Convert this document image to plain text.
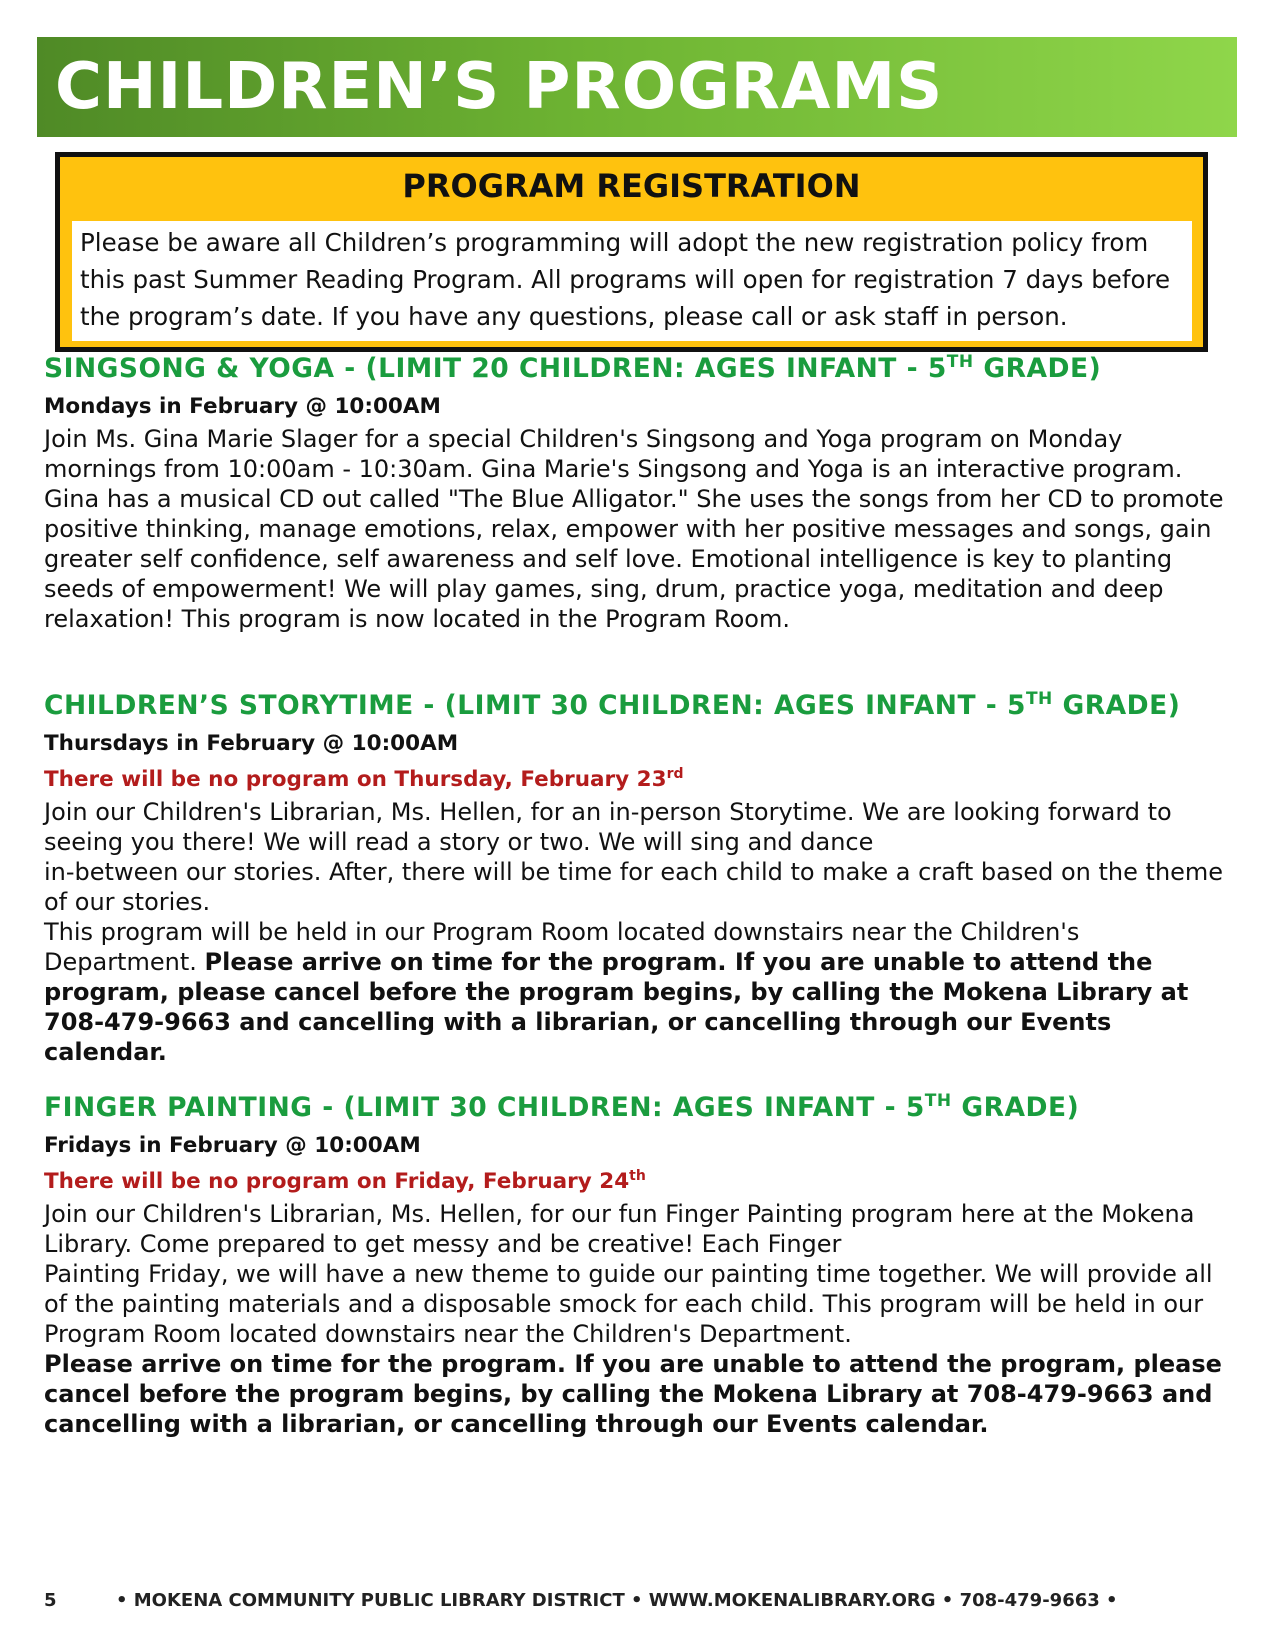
CHILDREN’S PROGRAMS
PROGRAM REGISTRATION
Please be aware all Children’s programming will adopt the new registration policy from this past Summer Reading Program. All programs will open for registration 7 days before the program’s date. If you have any questions, please call or ask staff in person.
SINGSONG & YOGA - (LIMIT 20 CHILDREN: AGES INFANT - 5TH GRADE)

Mondays in February @ 10:00AM

Join Ms. Gina Marie Slager for a special Children's Singsong and Yoga program on Monday mornings from 10:00am - 10:30am. Gina Marie's Singsong and Yoga is an interactive program. Gina has a musical CD out called "The Blue Alligator." She uses the songs from her CD to promote positive thinking, manage emotions, relax, empower with her positive messages and songs, gain greater self confidence, self awareness and self love. Emotional intelligence is key to planting seeds of empowerment! We will play games, sing, drum, practice yoga, meditation and deep relaxation! This program is now located in the Program Room.

CHILDREN’S STORYTIME - (LIMIT 30 CHILDREN: AGES INFANT - 5TH GRADE)

Thursdays in February @ 10:00AM

There will be no program on Thursday, February 23rd

Join our Children's Librarian, Ms. Hellen, for an in-person Storytime. We are looking forward to seeing you there! We will read a story or two. We will sing and dance
in-between our stories. After, there will be time for each child to make a craft based on the theme of our stories.
This program will be held in our Program Room located downstairs near the Children's Department. Please arrive on time for the program. If you are unable to attend the program, please cancel before the program begins, by calling the Mokena Library at 708-479-9663 and cancelling with a librarian, or cancelling through our Events calendar.

FINGER PAINTING - (LIMIT 30 CHILDREN: AGES INFANT - 5TH GRADE)

Fridays in February @ 10:00AM

There will be no program on Friday, February 24th

Join our Children's Librarian, Ms. Hellen, for our fun Finger Painting program here at the Mokena Library. Come prepared to get messy and be creative! Each Finger
Painting Friday, we will have a new theme to guide our painting time together. We will provide all of the painting materials and a disposable smock for each child. This program will be held in our Program Room located downstairs near the Children's Department.
Please arrive on time for the program. If you are unable to attend the program, please cancel before the program begins, by calling the Mokena Library at 708-479-9663 and cancelling with a librarian, or cancelling through our Events calendar.

5	• MOKENA COMMUNITY PUBLIC LIBRARY DISTRICT • WWW.MOKENALIBRARY.ORG • 708-479-9663 •
